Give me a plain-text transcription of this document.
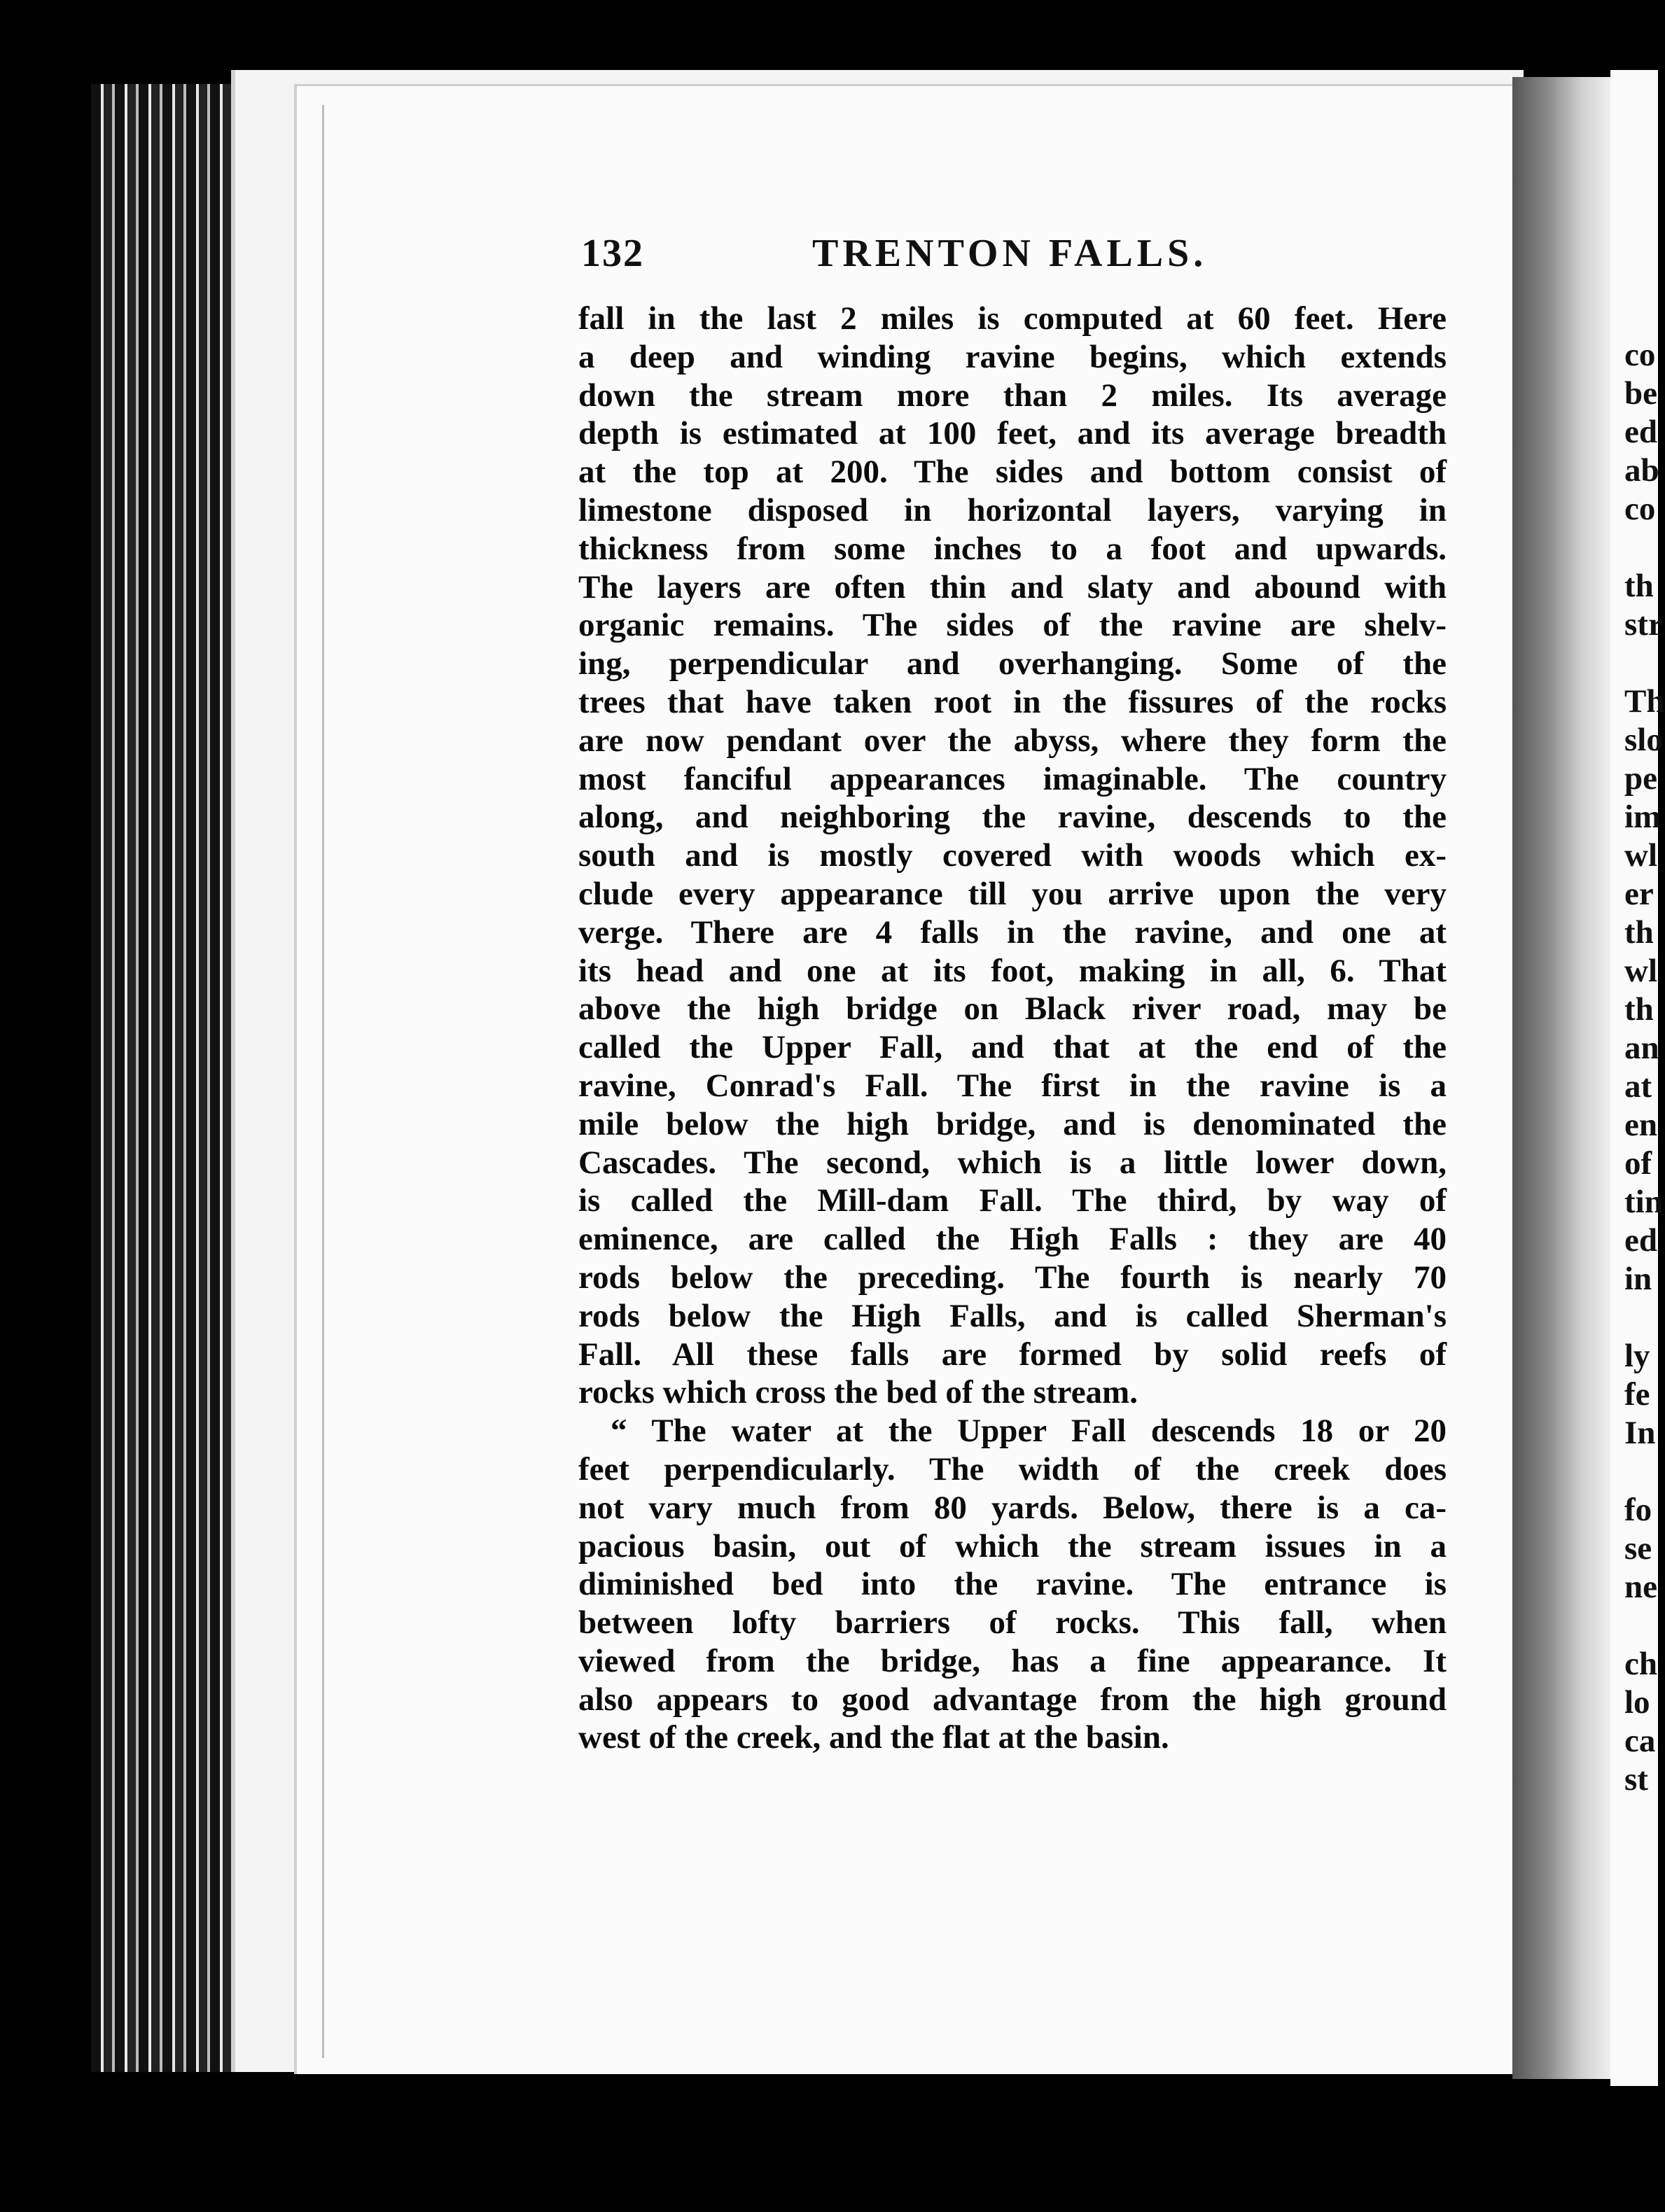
132	TRENTON FALLS.
fall in the last 2 miles is computed at 60 feet. Here
a deep and winding ravine begins, which extends
down the stream more than 2 miles. Its average
depth is estimated at 100 feet, and its average breadth
at the top at 200. The sides and bottom consist of
limestone disposed in horizontal layers, varying in
thickness from some inches to a foot and upwards.
The layers are often thin and slaty and abound with
organic remains. The sides of the ravine are shelv-
ing, perpendicular and overhanging. Some of the
trees that have taken root in the fissures of the rocks
are now pendant over the abyss, where they form the
most fanciful appearances imaginable. The country
along, and neighboring the ravine, descends to the
south and is mostly covered with woods which ex-
clude every appearance till you arrive upon the very
verge. There are 4 falls in the ravine, and one at
its head and one at its foot, making in all, 6. That
above the high bridge on Black river road, may be
called the Upper Fall, and that at the end of the
ravine, Conrad's Fall. The first in the ravine is a
mile below the high bridge, and is denominated the
Cascades. The second, which is a little lower down,
is called the Mill-dam Fall. The third, by way of
eminence, are called the High Falls : they are 40
rods below the preceding. The fourth is nearly 70
rods below the High Falls, and is called Sherman's
Fall. All these falls are formed by solid reefs of
rocks which cross the bed of the stream.
“ The water at the Upper Fall descends 18 or 20
feet perpendicularly. The width of the creek does
not vary much from 80 yards. Below, there is a ca-
pacious basin, out of which the stream issues in a
diminished bed into the ravine. The entrance is
between lofty barriers of rocks. This fall, when
viewed from the bridge, has a fine appearance. It
also appears to good advantage from the high ground
west of the creek, and the flat at the basin.
co
be
ed
ab
co
th
str
Th
slo
pe
im
wl
er
th
wl
th
an
at
en
of
tin
ed
in
ly
fe
In
fo
se
ne
ch
lo
ca
st
